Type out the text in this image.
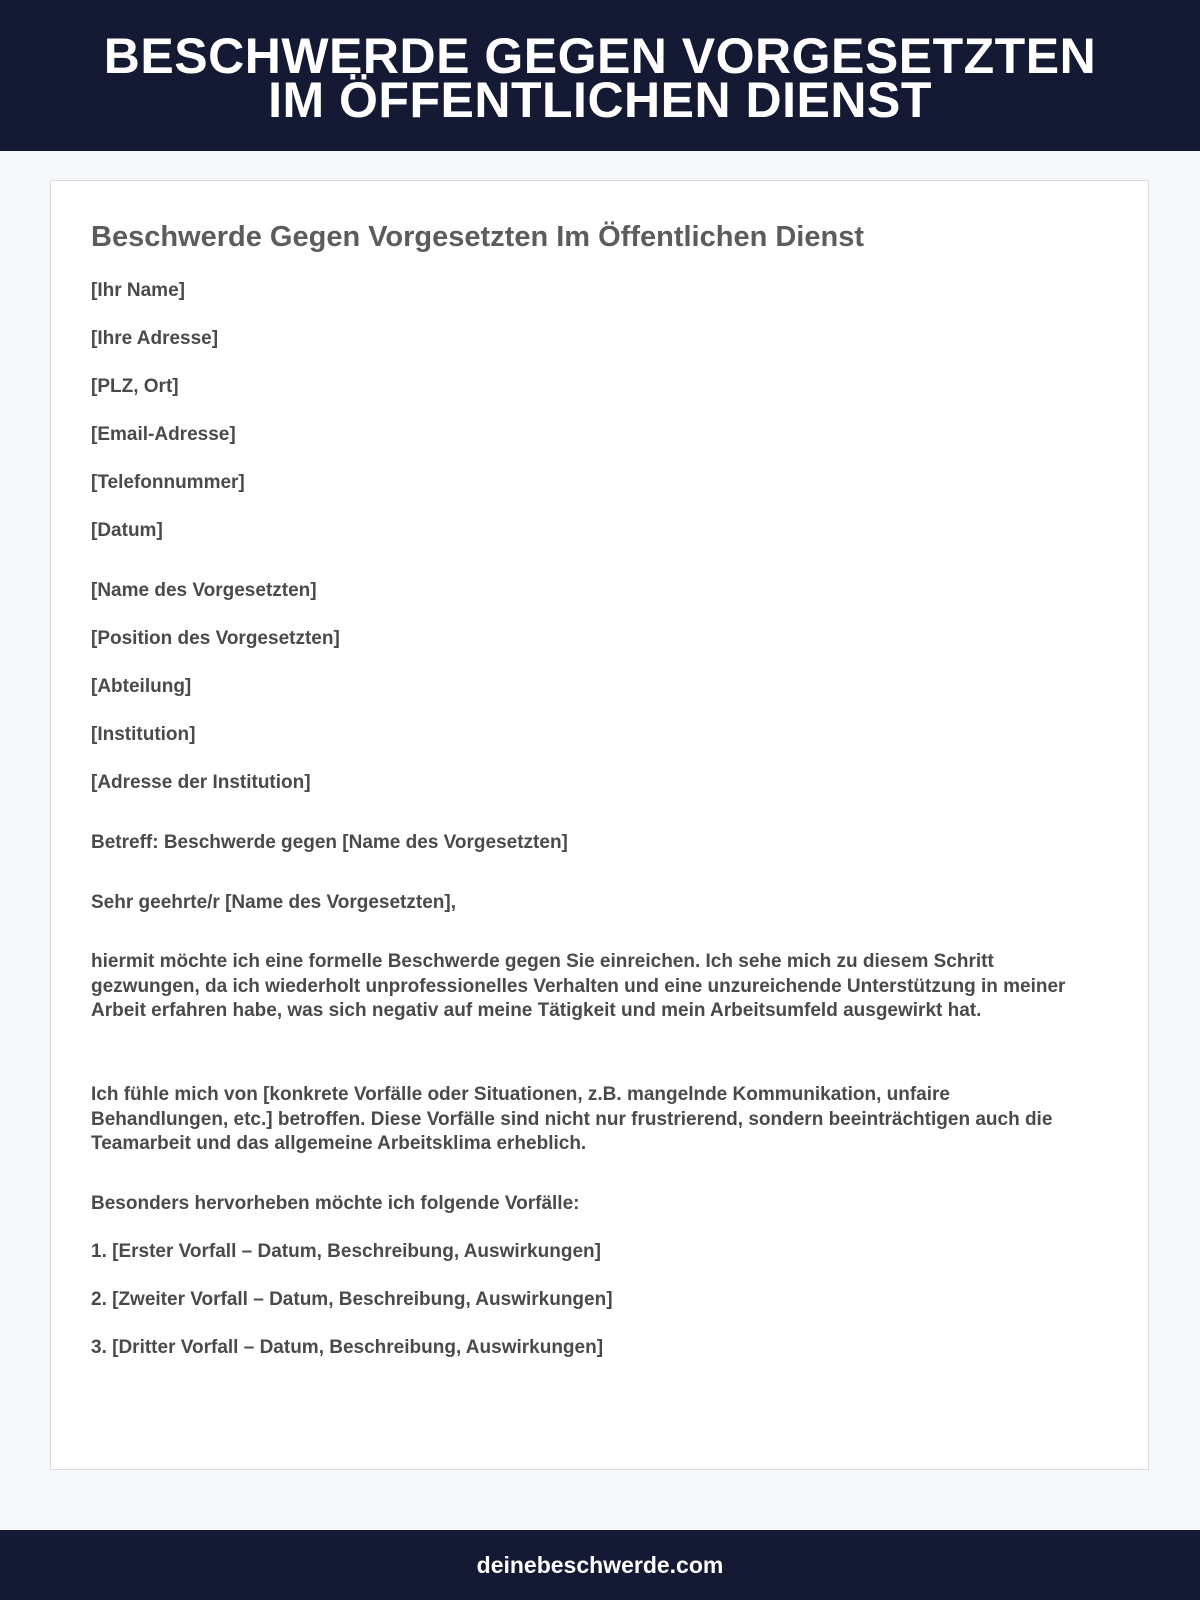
BESCHWERDE GEGEN VORGESETZTEN
IM ÖFFENTLICHEN DIENST
Beschwerde Gegen Vorgesetzten Im Öffentlichen Dienst
[Ihr Name]
[Ihre Adresse]
[PLZ, Ort]
[Email-Adresse]
[Telefonnummer]
[Datum]
[Name des Vorgesetzten]
[Position des Vorgesetzten]
[Abteilung]
[Institution]
[Adresse der Institution]
Betreff: Beschwerde gegen [Name des Vorgesetzten]
Sehr geehrte/r [Name des Vorgesetzten],
hiermit möchte ich eine formelle Beschwerde gegen Sie einreichen. Ich sehe mich zu diesem Schritt gezwungen, da ich wiederholt unprofessionelles Verhalten und eine unzureichende Unterstützung in meiner Arbeit erfahren habe, was sich negativ auf meine Tätigkeit und mein Arbeitsumfeld ausgewirkt hat.
Ich fühle mich von [konkrete Vorfälle oder Situationen, z.B. mangelnde Kommunikation, unfaire Behandlungen, etc.] betroffen. Diese Vorfälle sind nicht nur frustrierend, sondern beeinträchtigen auch die Teamarbeit und das allgemeine Arbeitsklima erheblich.
Besonders hervorheben möchte ich folgende Vorfälle:
1. [Erster Vorfall – Datum, Beschreibung, Auswirkungen]
2. [Zweiter Vorfall – Datum, Beschreibung, Auswirkungen]
3. [Dritter Vorfall – Datum, Beschreibung, Auswirkungen]
deinebeschwerde.com
